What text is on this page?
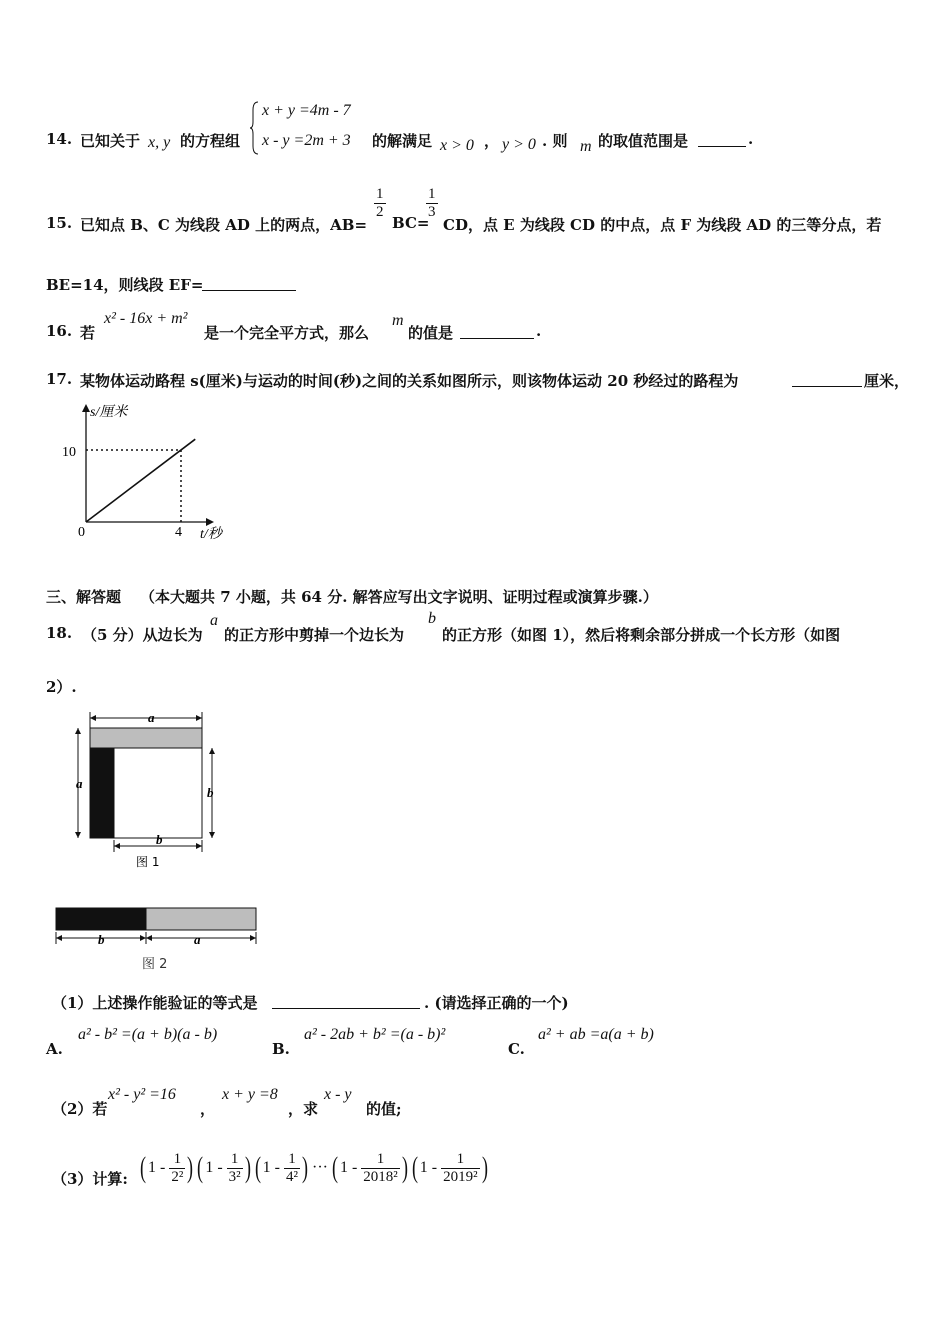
14. 已知关于 x, y 的方程组
x + y =4m - 7
x - y =2m + 3 的解满足 x > 0 ， y > 0 . 则 m 的取值范围是	.
15. 已知点 B、C 为线段 AD 上的两点，AB=
$\frac{1}{2}$
BC=
$\frac{1}{3}$
CD，点 E 为线段 CD 的中点，点 F 为线段 AD 的三等分点，若
BE=14，则线段 EF=
16. 若
x² - 16x + m²
是一个完全平方式，那么
m
的值是	.
17. 某物体运动路程 s(厘米)与运动的时间(秒)之间的关系如图所示，则该物体运动 20 秒经过的路程为	厘米，
s/厘米
t/秒
10
0	4
三、解答题 （本大题共 7 小题，共 64 分. 解答应写出文字说明、证明过程或演算步骤.）
18. （5 分）从边长为
a
的正方形中剪掉一个边长为
b
的正方形（如图 1），然后将剩余部分拼成一个长方形（如图
2）.
a
a
b
b
图 1
b	a
图 2
（1）上述操作能验证的等式是	. (请选择正确的一个)
A.
a² - b² =(a + b)(a - b)
B.
a² - 2ab + b² =(a - b)²
C.
a² + ab =a(a + b)
（2）若
x² - y² =16
，
x + y =8
，求
x - y
的值;
（3）计算: ( $1 - \frac{1}{\text{2²}}$ ) ( $1 - \frac{1}{\text{3²}}$ ) ( $1 - \frac{1}{\text{4²}}$ ) ··· ( $1 - \frac{1}{\text{2018²}}$ ) ( $1 - \frac{1}{\text{2019²}}$ )
